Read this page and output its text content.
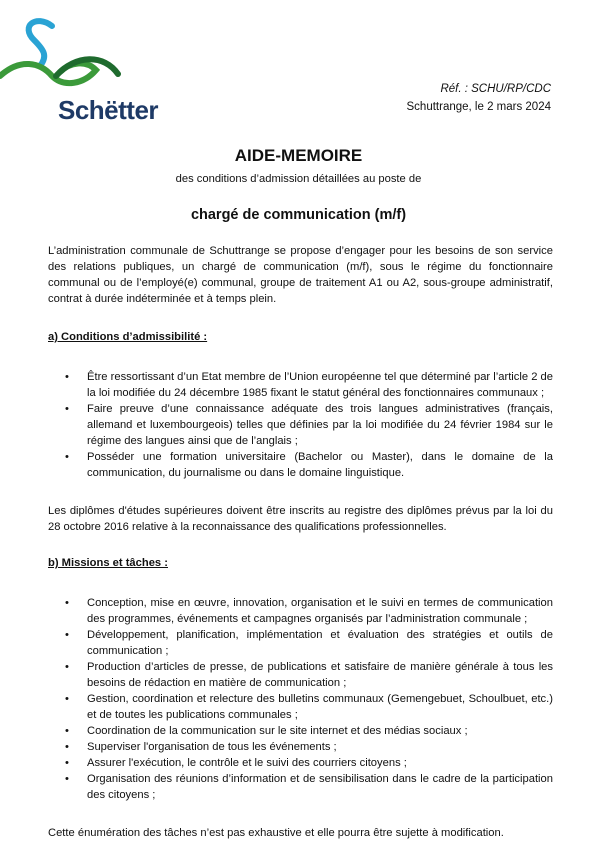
Schëtter
Réf. : SCHU/RP/CDC
Schuttrange, le 2 mars 2024
AIDE-MEMOIRE
des conditions d’admission détaillées au poste de
chargé de communication (m/f)

L’administration communale de Schuttrange se propose d’engager pour les besoins de son service des relations publiques, un chargé de communication (m/f), sous le régime du fonctionnaire communal ou de l’employé(e) communal, groupe de traitement A1 ou A2, sous-groupe administratif, contrat à durée indéterminée et à temps plein.

a) Conditions d’admissibilité :

• Être ressortissant d’un Etat membre de l’Union européenne tel que déterminé par l’article 2 de la loi modifiée du 24 décembre 1985 fixant le statut général des fonctionnaires communaux ;
• Faire preuve d’une connaissance adéquate des trois langues administratives (français, allemand et luxembourgeois) telles que définies par la loi modifiée du 24 février 1984 sur le régime des langues ainsi que de l’anglais ;
• Posséder une formation universitaire (Bachelor ou Master), dans le domaine de la communication, du journalisme ou dans le domaine linguistique.

Les diplômes d'études supérieures doivent être inscrits au registre des diplômes prévus par la loi du 28 octobre 2016 relative à la reconnaissance des qualifications professionnelles.

b) Missions et tâches :

• Conception, mise en œuvre, innovation, organisation et le suivi en termes de communication des programmes, événements et campagnes organisés par l’administration communale ;
• Développement, planification, implémentation et évaluation des stratégies et outils de communication ;
• Production d’articles de presse, de publications et satisfaire de manière générale à tous les besoins de rédaction en matière de communication ;
• Gestion, coordination et relecture des bulletins communaux (Gemengebuet, Schoulbuet, etc.) et de toutes les publications communales ;
• Coordination de la communication sur le site internet et des médias sociaux ;
• Superviser l'organisation de tous les événements ;
• Assurer l'exécution, le contrôle et le suivi des courriers citoyens ;
• Organisation des réunions d’information et de sensibilisation dans le cadre de la participation des citoyens ;

Cette énumération des tâches n’est pas exhaustive et elle pourra être sujette à modification.
